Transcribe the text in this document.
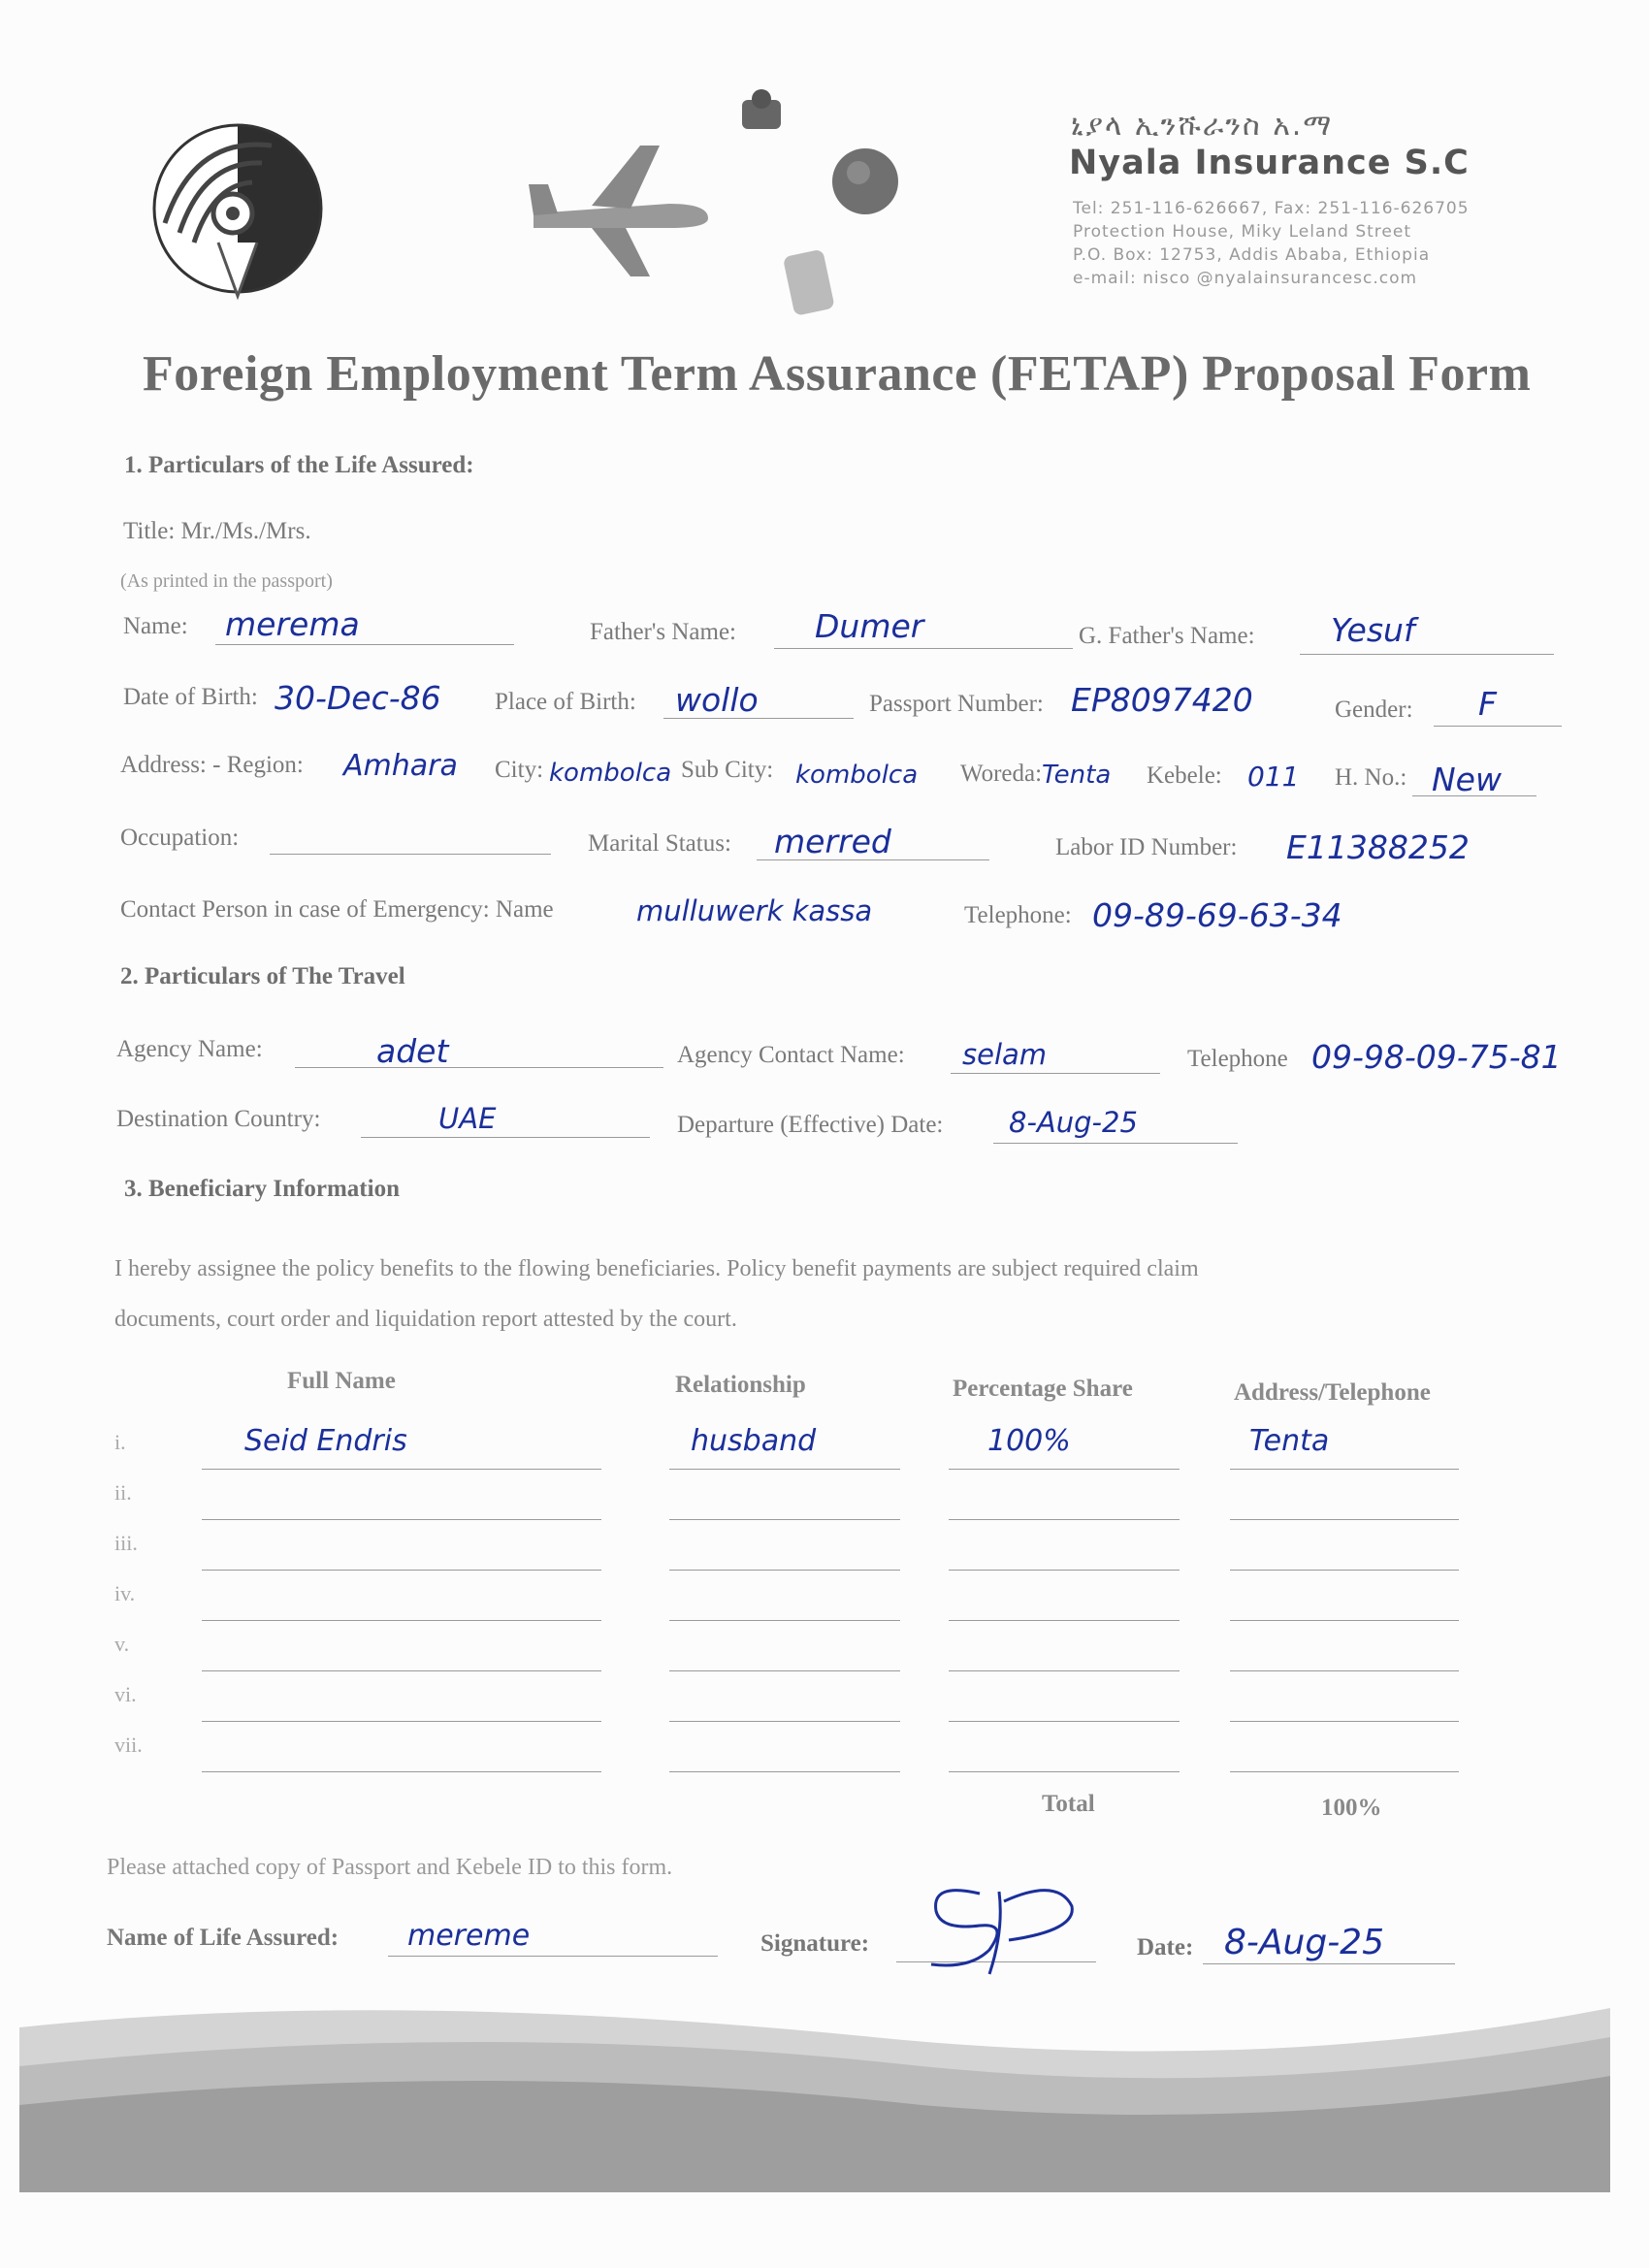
ኒያላ ኢንሹራንስ አ.ማ
Nyala Insurance S.C
Tel: 251-116-626667, Fax: 251-116-626705
Protection House, Miky Leland Street
P.O. Box: 12753, Addis Ababa, Ethiopia
e-mail: nisco @nyalainsurancesc.com
Foreign Employment Term Assurance (FETAP) Proposal Form
1. Particulars of the Life Assured:
Title: Mr./Ms./Mrs.
(As printed in the passport)
Name: merema	Father's Name: Dumer	G. Father's Name: Yesuf
Date of Birth: 30-Dec-86 Place of Birth: wollo	Passport Number: EP8097420	Gender: F
Address: - Region: Amhara City: kombolca Sub City: kombolca Woreda: Tenta Kebele: 011 H. No.: New
Occupation:	Marital Status: merred	Labor ID Number: E11388252
Contact Person in case of Emergency: Name	mulluwerk kassa	Telephone: 09-89-69-63-34
2. Particulars of The Travel
Agency Name:	adet	Agency Contact Name: selam	Telephone 09-98-09-75-81
Destination Country:	UAE	Departure (Effective) Date: 8-Aug-25
3. Beneficiary Information
I hereby assignee the policy benefits to the flowing beneficiaries. Policy benefit payments are subject required claim
documents, court order and liquidation report attested by the court.
Full Name	Relationship	Percentage Share	Address/Telephone
i.	Seid Endris	husband	100%	Tenta
ii.
iii.
iv.
v.
vi.
vii.
Total	100%
Please attached copy of Passport and Kebele ID to this form.
Name of Life Assured: mereme	Signature:	Date: 8-Aug-25
